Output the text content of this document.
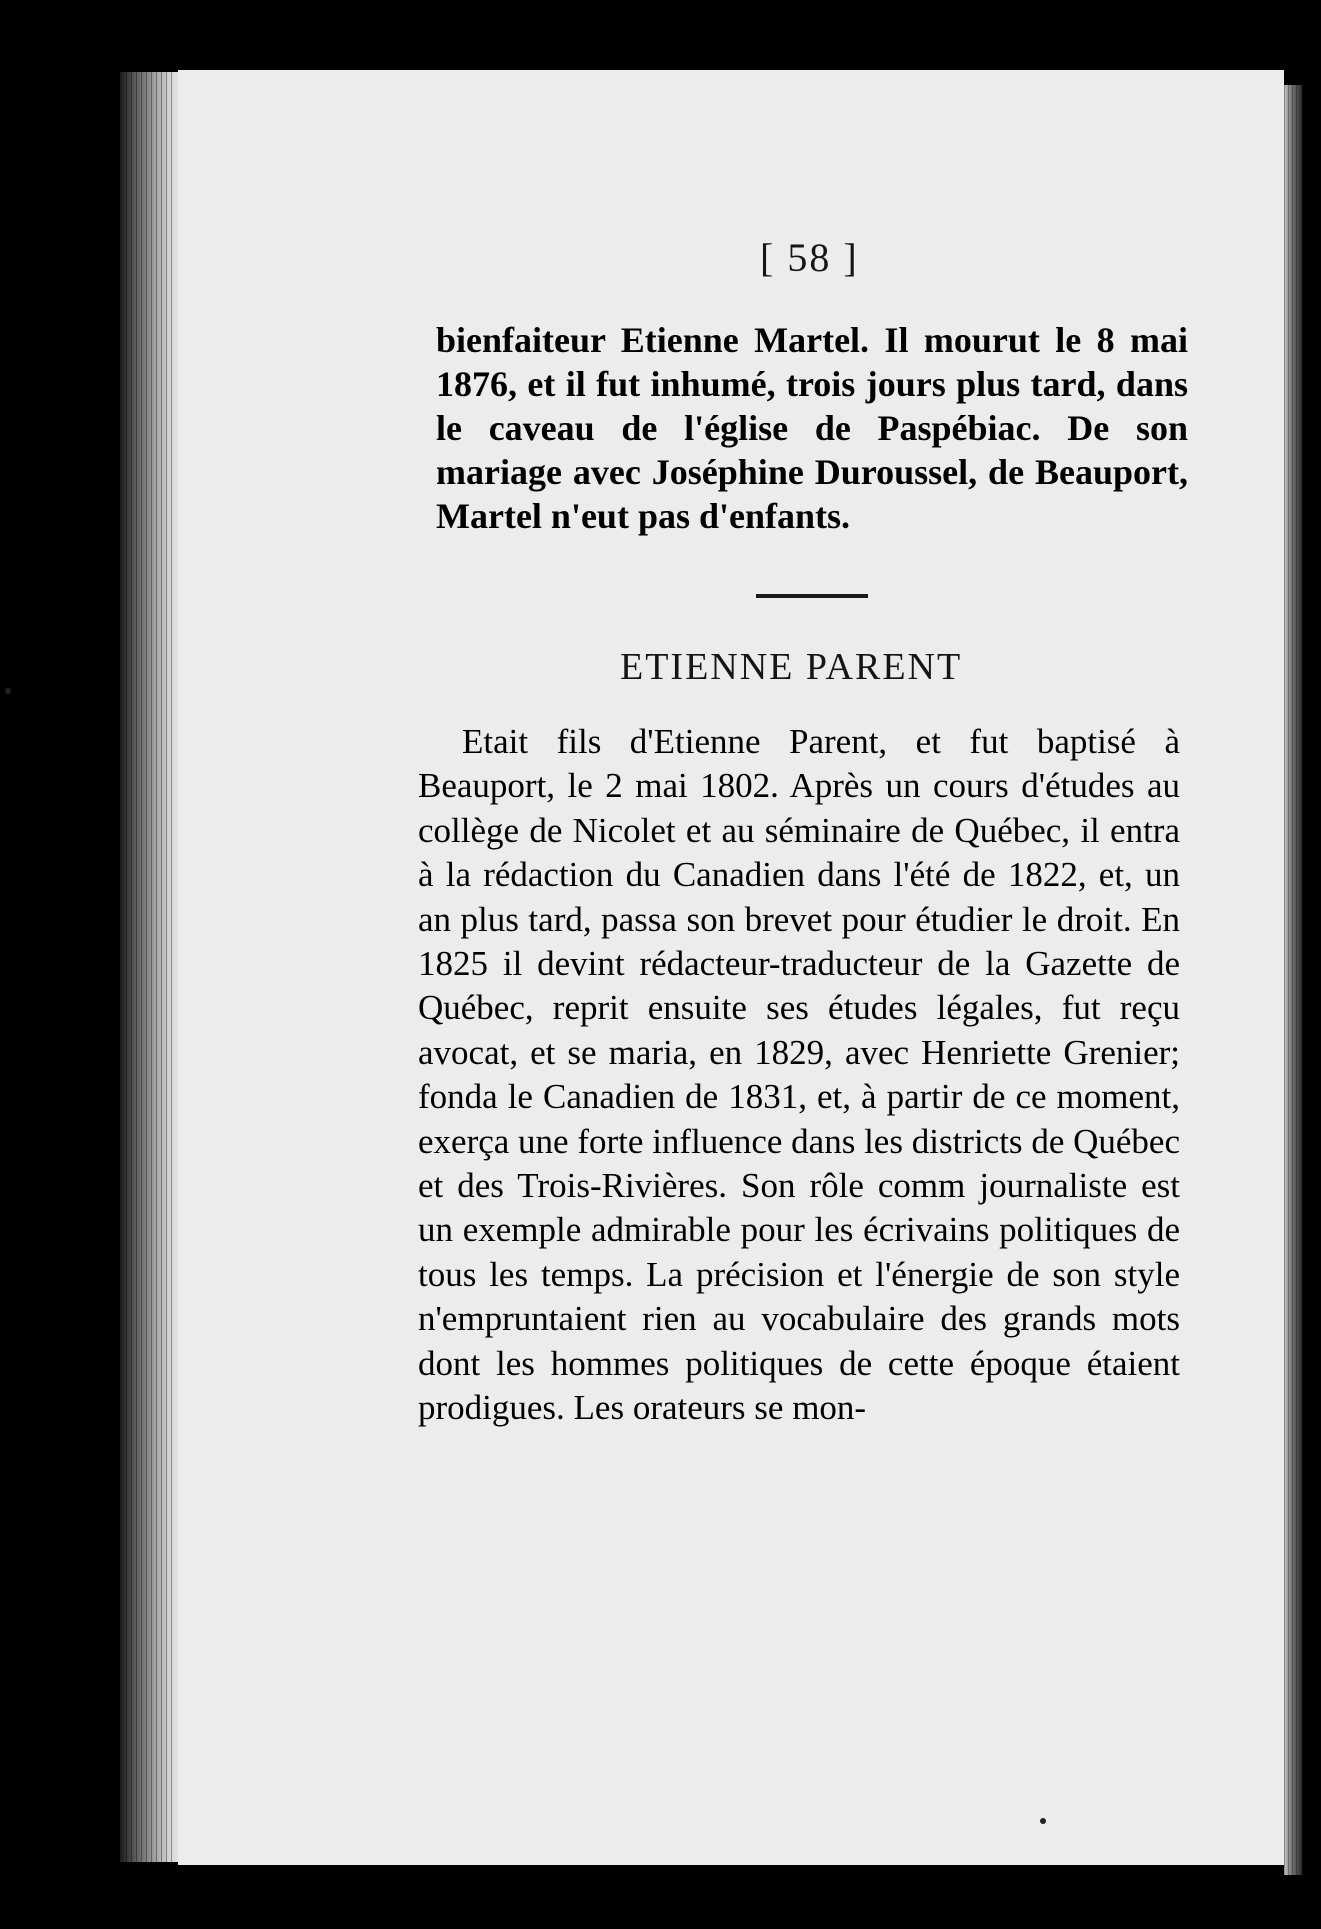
[ 58 ]

bienfaiteur Etienne Martel. Il mourut le 8 mai 1876, et il fut inhumé, trois jours plus tard, dans le caveau de l'église de Paspébiac. De son mariage avec Joséphine Duroussel, de Beauport, Martel n'eut pas d'enfants.

ETIENNE PARENT

Etait fils d'Etienne Parent, et fut baptisé à Beauport, le 2 mai 1802. Après un cours d'études au collège de Nicolet et au séminaire de Québec, il entra à la rédaction du Canadien dans l'été de 1822, et, un an plus tard, passa son brevet pour étudier le droit. En 1825 il devint rédacteur-traducteur de la Gazette de Québec, reprit ensuite ses études légales, fut reçu avocat, et se maria, en 1829, avec Henriette Grenier; fonda le Canadien de 1831, et, à partir de ce moment, exerça une forte influence dans les districts de Québec et des Trois-Rivières. Son rôle comm journaliste est un exemple admirable pour les écrivains politiques de tous les temps. La précision et l'énergie de son style n'empruntaient rien au vocabulaire des grands mots dont les hommes politiques de cette époque étaient prodigues. Les orateurs se mon-
